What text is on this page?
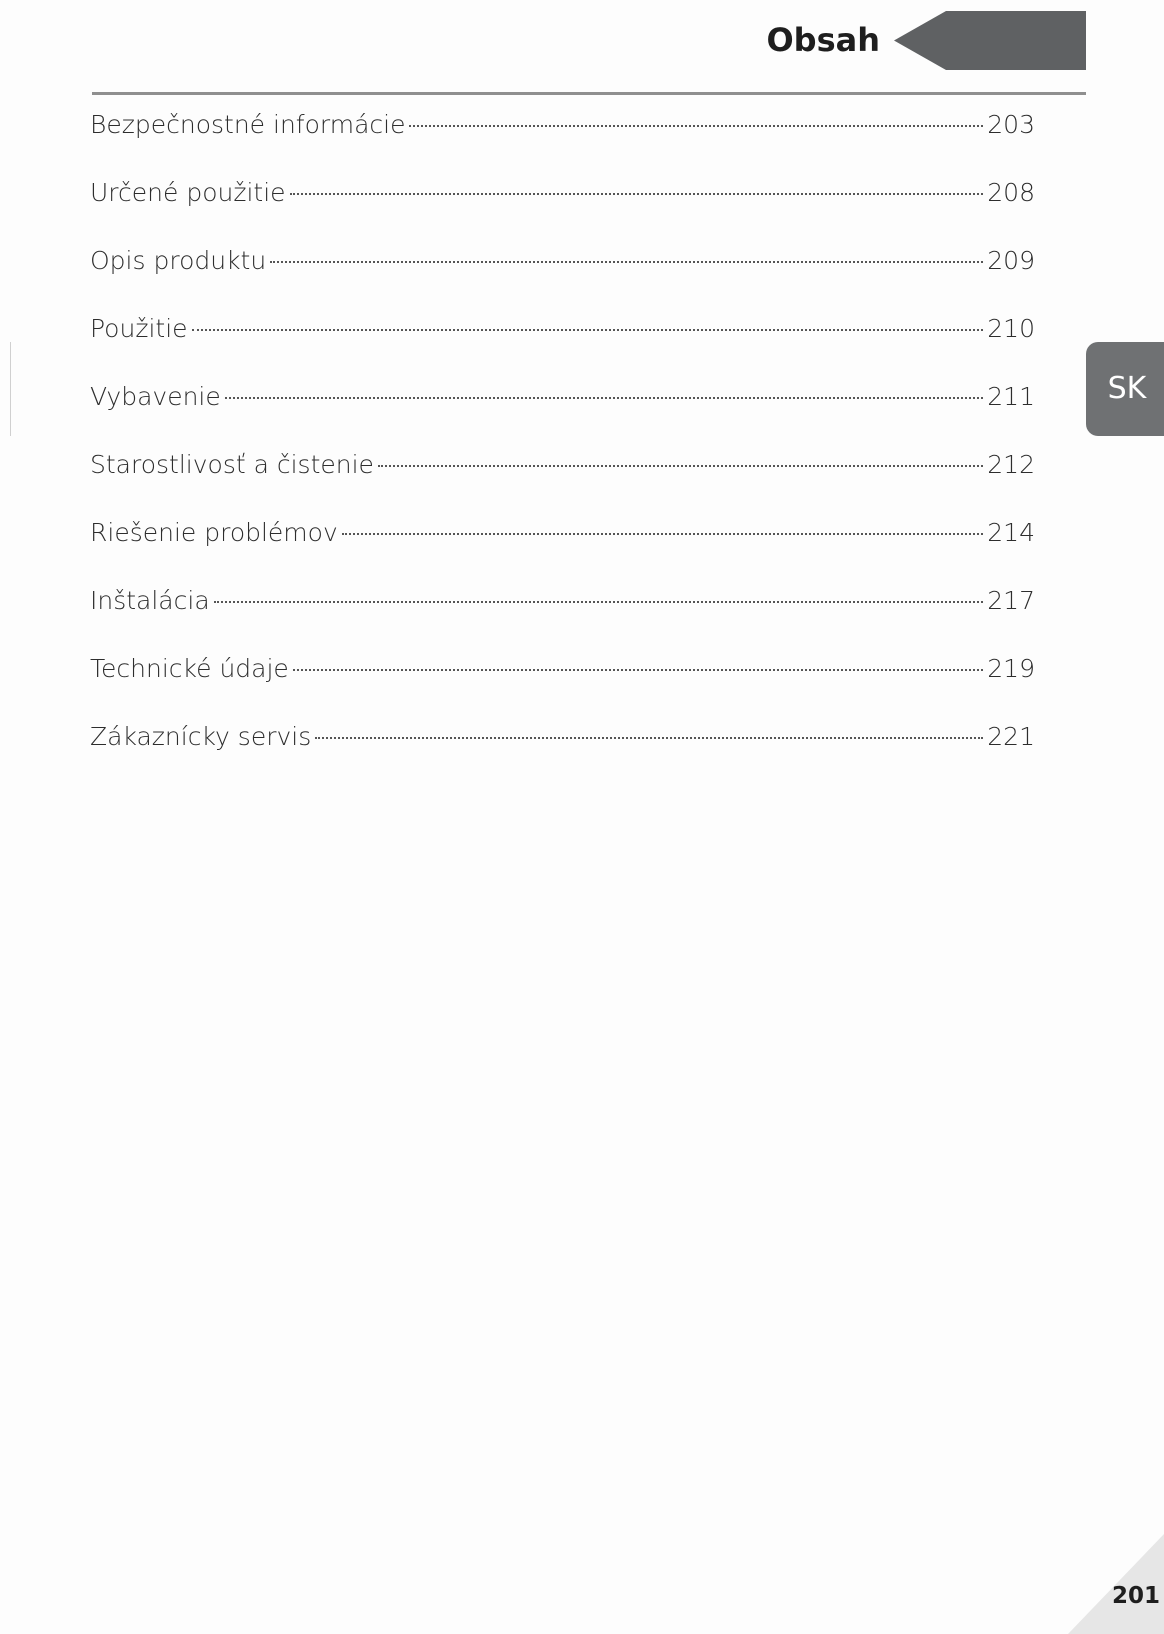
Obsah
Bezpečnostné informácie	203
Určené použitie	208
Opis produktu	209
Použitie	210
Vybavenie	211
Starostlivosť a čistenie	212
Riešenie problémov	214
Inštalácia	217
Technické údaje	219
Zákaznícky servis	221
SK
201
